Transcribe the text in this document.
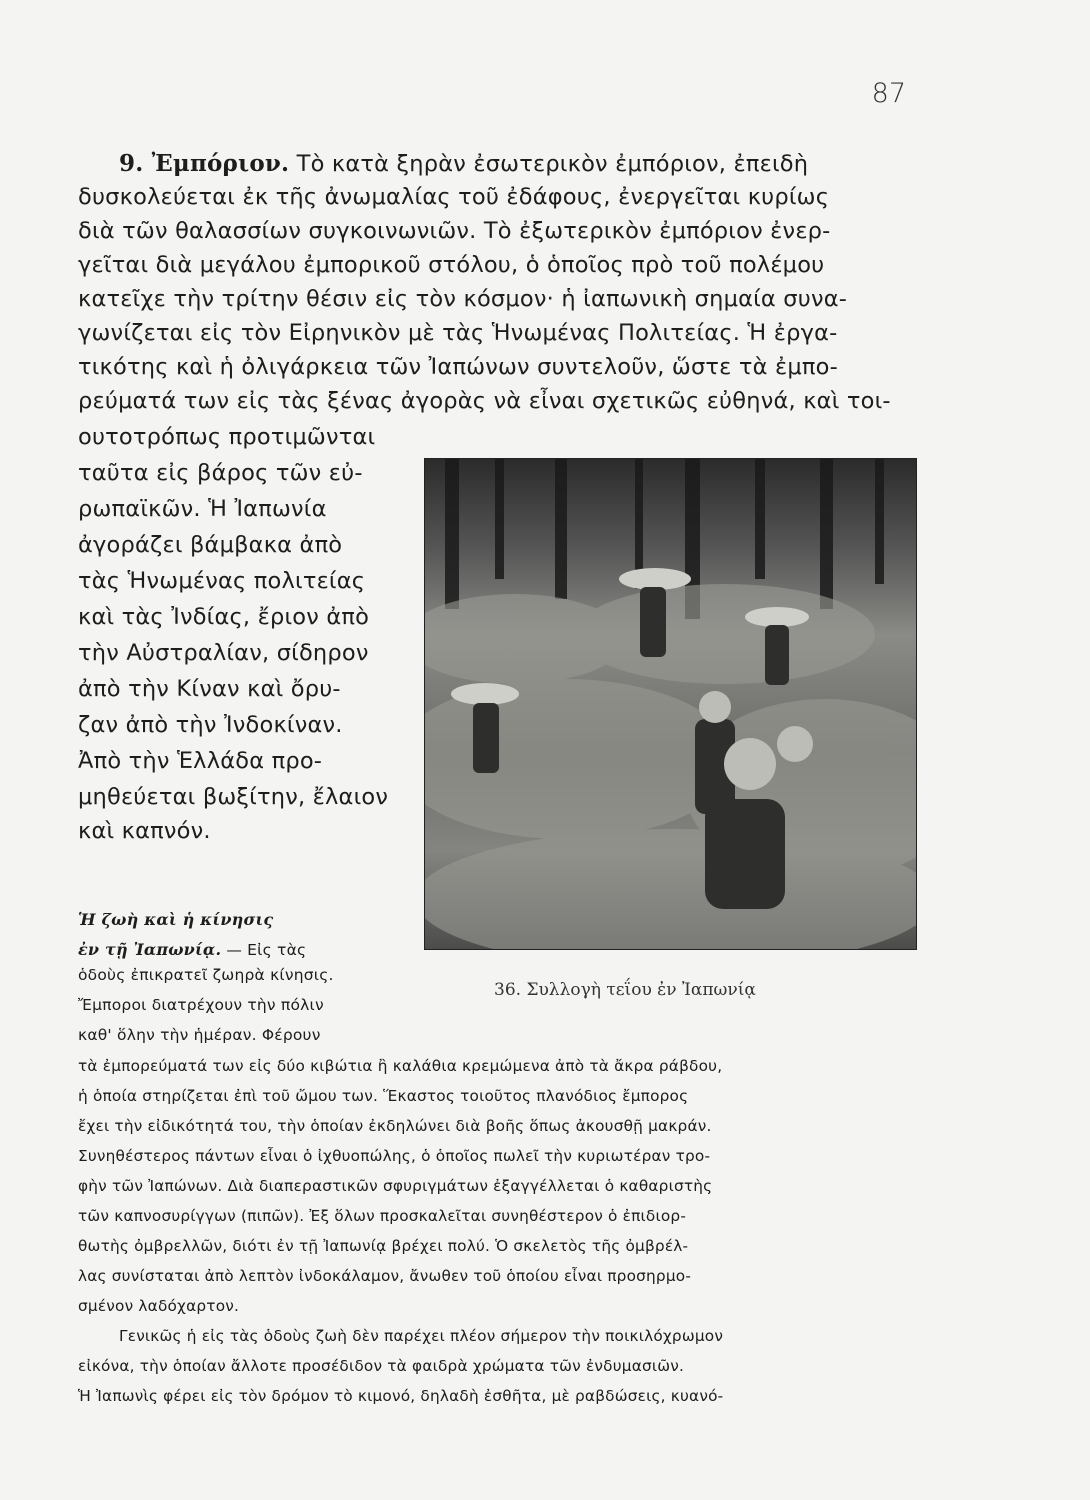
87
9. Ἐμπόριον. Τὸ κατὰ ξηρὰν ἐσωτερικὸν ἐμπόριον, ἐπειδὴ
δυσκολεύεται ἐκ τῆς ἀνωμαλίας τοῦ ἐδάφους, ἐνεργεῖται κυρίως
διὰ τῶν θαλασσίων συγκοινωνιῶν. Τὸ ἐξωτερικὸν ἐμπόριον ἐνερ-
γεῖται διὰ μεγάλου ἐμπορικοῦ στόλου, ὁ ὁποῖος πρὸ τοῦ πολέμου
κατεῖχε τὴν τρίτην θέσιν εἰς τὸν κόσμον· ἡ ἰαπωνικὴ σημαία συνα-
γωνίζεται εἰς τὸν Εἰρηνικὸν μὲ τὰς Ἡνωμένας Πολιτείας. Ἡ ἐργα-
τικότης καὶ ἡ ὀλιγάρκεια τῶν Ἰαπώνων συντελοῦν, ὥστε τὰ ἐμπο-
ρεύματά των εἰς τὰς ξένας ἀγορὰς νὰ εἶναι σχετικῶς εὐθηνά, καὶ τοι-
ουτοτρόπως προτιμῶνται
ταῦτα εἰς βάρος τῶν εὐ-
ρωπαϊκῶν. Ἡ Ἰαπωνία
ἀγοράζει βάμβακα ἀπὸ
τὰς Ἡνωμένας πολιτείας
καὶ τὰς Ἰνδίας, ἔριον ἀπὸ
τὴν Αὐστραλίαν, σίδηρον
ἀπὸ τὴν Κίναν καὶ ὄρυ-
ζαν ἀπὸ τὴν Ἰνδοκίναν.
Ἀπὸ τὴν Ἑλλάδα προ-
μηθεύεται βωξίτην, ἔλαιον
καὶ καπνόν.
36. Συλλογὴ τεΐου ἐν Ἰαπωνίᾳ
Ἡ ζωὴ καὶ ἡ κίνησις
ἐν τῇ Ἰαπωνίᾳ. — Εἰς τὰς
ὁδοὺς ἐπικρατεῖ ζωηρὰ κίνησις.
Ἔμποροι διατρέχουν τὴν πόλιν
καθ' ὅλην τὴν ἡμέραν. Φέρουν
τὰ ἐμπορεύματά των εἰς δύο κιβώτια ἢ καλάθια κρεμώμενα ἀπὸ τὰ ἄκρα ράβδου,
ἡ ὁποία στηρίζεται ἐπὶ τοῦ ὤμου των. Ἕκαστος τοιοῦτος πλανόδιος ἔμπορος
ἔχει τὴν εἰδικότητά του, τὴν ὁποίαν ἐκδηλώνει διὰ βοῆς ὅπως ἀκουσθῇ μακράν.
Συνηθέστερος πάντων εἶναι ὁ ἰχθυοπώλης, ὁ ὁποῖος πωλεῖ τὴν κυριωτέραν τρο-
φὴν τῶν Ἰαπώνων. Διὰ διαπεραστικῶν σφυριγμάτων ἐξαγγέλλεται ὁ καθαριστὴς
τῶν καπνοσυρίγγων (πιπῶν). Ἐξ ὅλων προσκαλεῖται συνηθέστερον ὁ ἐπιδιορ-
θωτὴς ὀμβρελλῶν, διότι ἐν τῇ Ἰαπωνίᾳ βρέχει πολύ. Ὁ σκελετὸς τῆς ὀμβρέλ-
λας συνίσταται ἀπὸ λεπτὸν ἰνδοκάλαμον, ἄνωθεν τοῦ ὁποίου εἶναι προσηρμο-
σμένον λαδόχαρτον.
Γενικῶς ἡ εἰς τὰς ὁδοὺς ζωὴ δὲν παρέχει πλέον σήμερον τὴν ποικιλόχρωμον
εἰκόνα, τὴν ὁποίαν ἄλλοτε προσέδιδον τὰ φαιδρὰ χρώματα τῶν ἐνδυμασιῶν.
Ἡ Ἰαπωνὶς φέρει εἰς τὸν δρόμον τὸ κιμονό, δηλαδὴ ἐσθῆτα, μὲ ραβδώσεις, κυανό-
